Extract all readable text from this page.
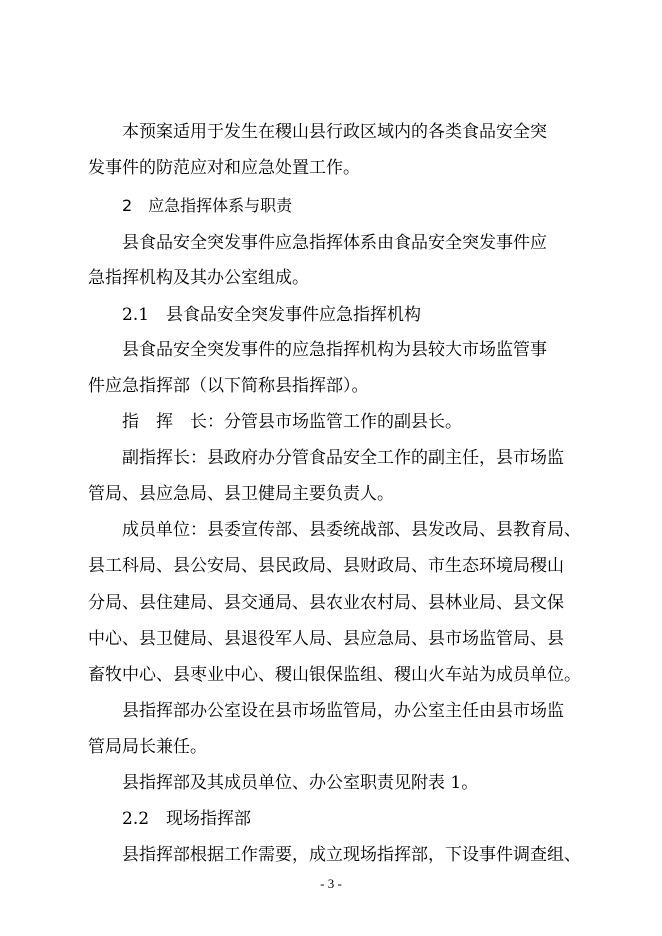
本预案适用于发生在稷山县行政区域内的各类食品安全突
发事件的防范应对和应急处置工作。
2　应急指挥体系与职责
县食品安全突发事件应急指挥体系由食品安全突发事件应
急指挥机构及其办公室组成。
2.1　县食品安全突发事件应急指挥机构
县食品安全突发事件的应急指挥机构为县较大市场监管事
件应急指挥部（以下简称县指挥部）。
指　挥　长：分管县市场监管工作的副县长。
副指挥长：县政府办分管食品安全工作的副主任，县市场监
管局、县应急局、县卫健局主要负责人。
成员单位：县委宣传部、县委统战部、县发改局、县教育局、
县工科局、县公安局、县民政局、县财政局、市生态环境局稷山
分局、县住建局、县交通局、县农业农村局、县林业局、县文保
中心、县卫健局、县退役军人局、县应急局、县市场监管局、县
畜牧中心、县枣业中心、稷山银保监组、稷山火车站为成员单位。
县指挥部办公室设在县市场监管局，办公室主任由县市场监
管局局长兼任。
县指挥部及其成员单位、办公室职责见附表 1。
2.2　现场指挥部
县指挥部根据工作需要，成立现场指挥部，下设事件调查组、
- 3 -
